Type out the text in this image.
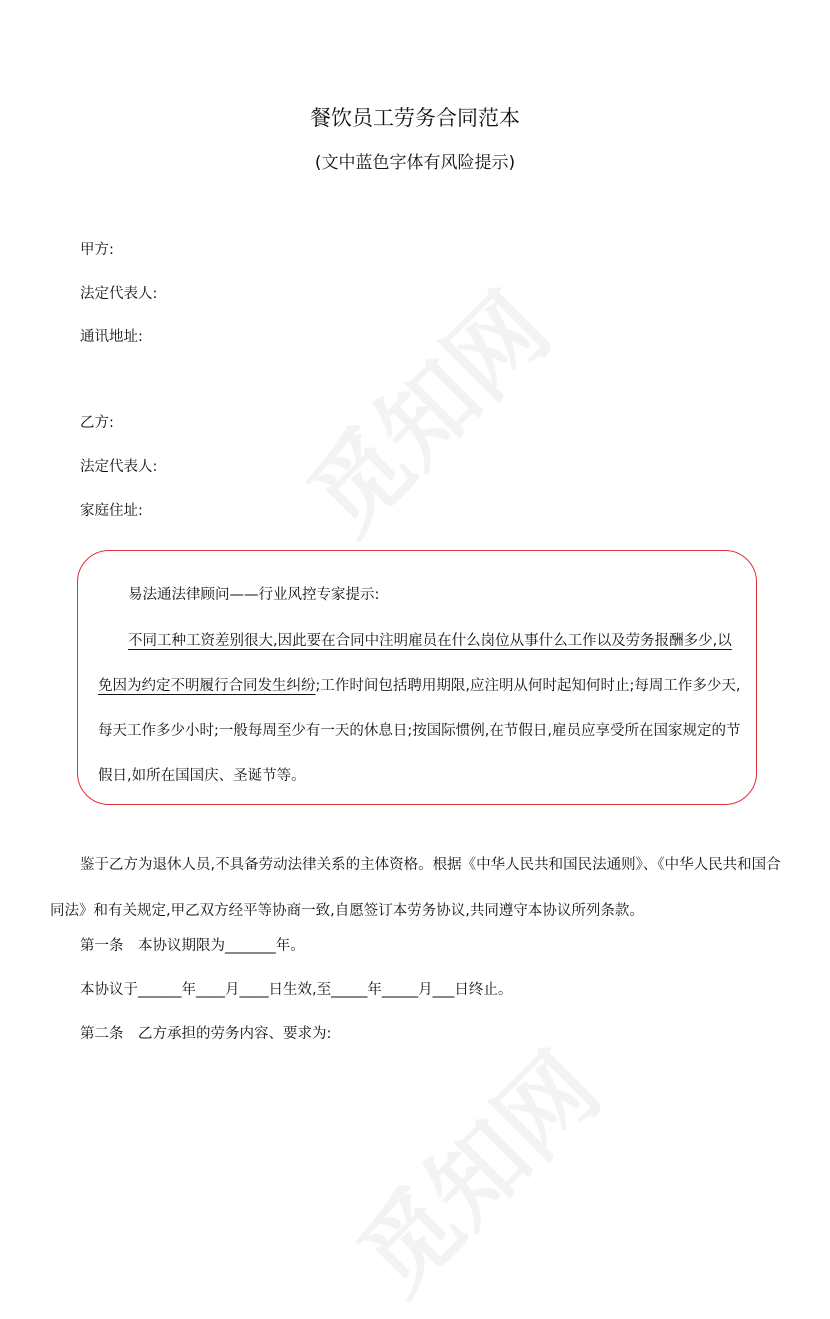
餐饮员工劳务合同范本
(文中蓝色字体有风险提示)
甲方:
法定代表人:
通讯地址:
乙方:
法定代表人:
家庭住址:
易法通法律顾问——行业风控专家提示:
不同工种工资差别很大,因此要在合同中注明雇员在什么岗位从事什么工作以及劳务报酬多少,以免因为约定不明履行合同发生纠纷;工作时间包括聘用期限,应注明从何时起知何时止;每周工作多少天,每天工作多少小时;一般每周至少有一天的休息日;按国际惯例,在节假日,雇员应享受所在国家规定的节假日,如所在国国庆、圣诞节等。
鉴于乙方为退休人员,不具备劳动法律关系的主体资格。根据《中华人民共和国民法通则》、《中华人民共和国合同法》和有关规定,甲乙双方经平等协商一致,自愿签订本劳务协议,共同遵守本协议所列条款。
第一条　本协议期限为_______年。
本协议于______年____月____日生效,至_____年_____月___日终止。
第二条　乙方承担的劳务内容、要求为:
